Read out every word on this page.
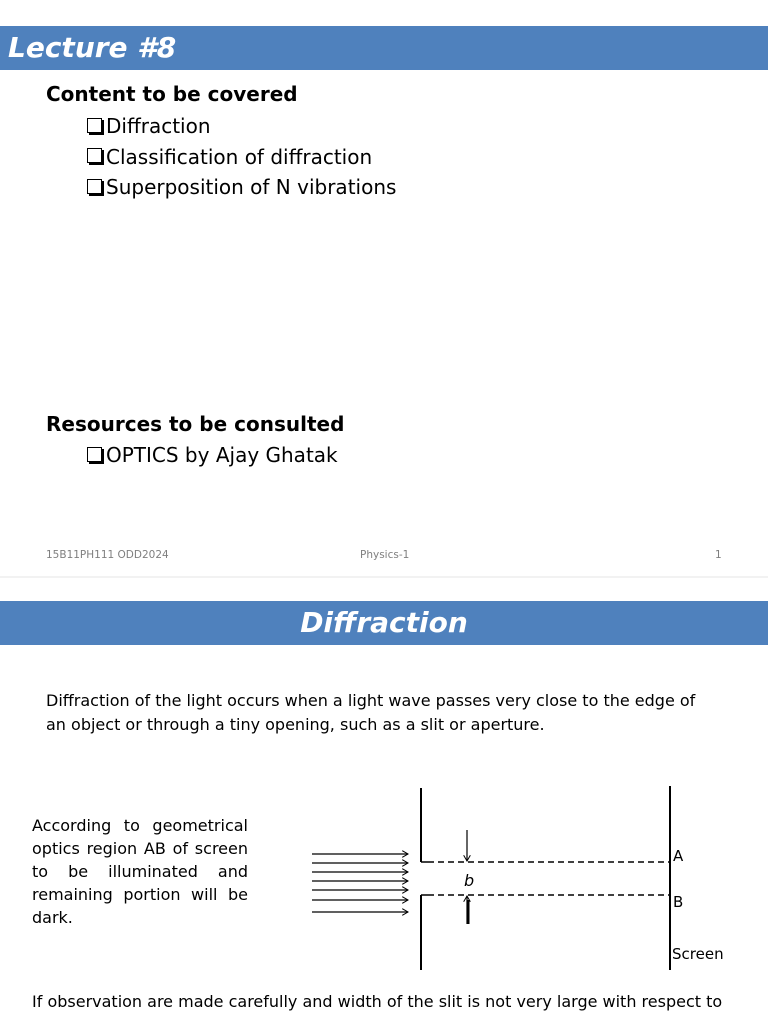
Lecture #8
Content to be covered
Diffraction
Classification of diffraction
Superposition of N vibrations
Resources to be consulted
OPTICS by Ajay Ghatak
15B11PH111 ODD2024	Physics-1	1
Diffraction
Diffraction of the light occurs when a light wave passes very close to the edge of
an object or through a tiny opening, such as a slit or aperture.
According to geometrical optics region AB of screen to be illuminated and remaining portion will be dark.
b
A
B
Screen
If observation are made carefully and width of the slit is not very large with respect to
